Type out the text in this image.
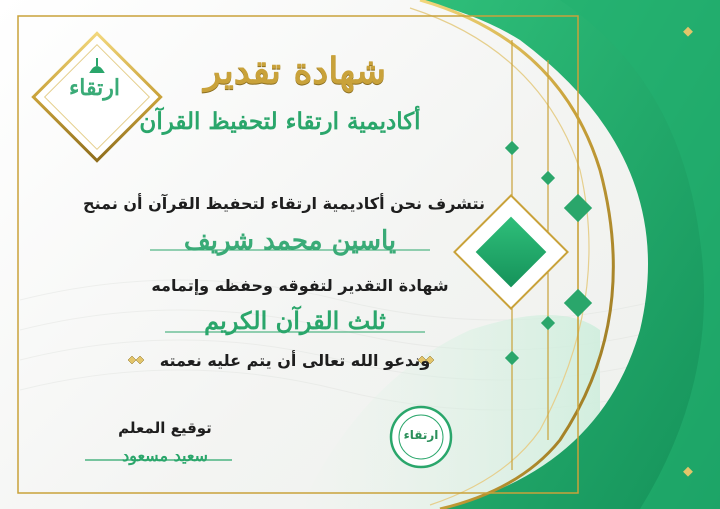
ارتقاء
ارتقاء
شهادة تقدير
أكاديمية ارتقاء لتحفيظ القرآن
نتشرف نحن أكاديمية ارتقاء لتحفيظ القرآن أن نمنح
ياسين محمد شريف
شهادة التقدير لتفوقه وحفظه وإتمامه
ثلث القرآن الكريم
وندعو الله تعالى أن يتم عليه نعمته
توقيع المعلم
سعيد مسعود
